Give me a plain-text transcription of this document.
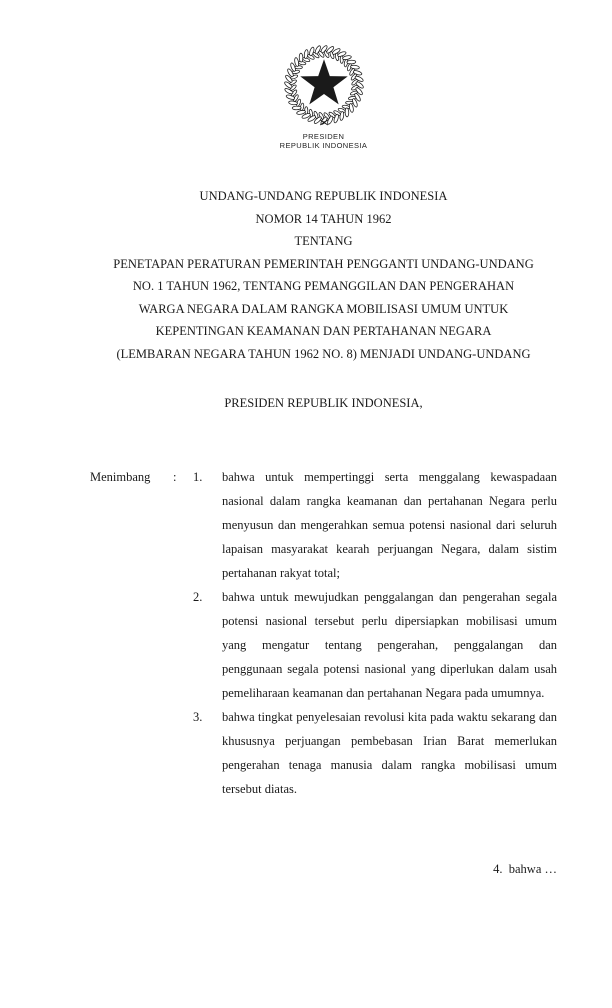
PRESIDEN
REPUBLIK INDONESIA
UNDANG-UNDANG REPUBLIK INDONESIA
NOMOR 14 TAHUN 1962
TENTANG
PENETAPAN PERATURAN PEMERINTAH PENGGANTI UNDANG-UNDANG
NO. 1 TAHUN 1962, TENTANG PEMANGGILAN DAN PENGERAHAN
WARGA NEGARA DALAM RANGKA MOBILISASI UMUM UNTUK
KEPENTINGAN KEAMANAN DAN PERTAHANAN NEGARA
(LEMBARAN NEGARA TAHUN 1962 NO. 8) MENJADI UNDANG-UNDANG
PRESIDEN REPUBLIK INDONESIA,
Menimbang	:	1.	bahwa untuk mempertinggi serta menggalang kewaspadaan nasional dalam rangka keamanan dan pertahanan Negara perlu menyusun dan mengerahkan semua potensi nasional dari seluruh lapaisan masyarakat kearah perjuangan Negara, dalam sistim pertahanan rakyat total;
2.	bahwa untuk mewujudkan penggalangan dan pengerahan segala potensi nasional tersebut perlu dipersiapkan mobilisasi umum yang mengatur tentang pengerahan, penggalangan dan penggunaan segala potensi nasional yang diperlukan dalam usah pemeliharaan keamanan dan pertahanan Negara pada umumnya.
3.	bahwa tingkat penyelesaian revolusi kita pada waktu sekarang dan khususnya perjuangan pembebasan Irian Barat memerlukan pengerahan tenaga manusia dalam rangka mobilisasi umum tersebut diatas.
4.  bahwa …
